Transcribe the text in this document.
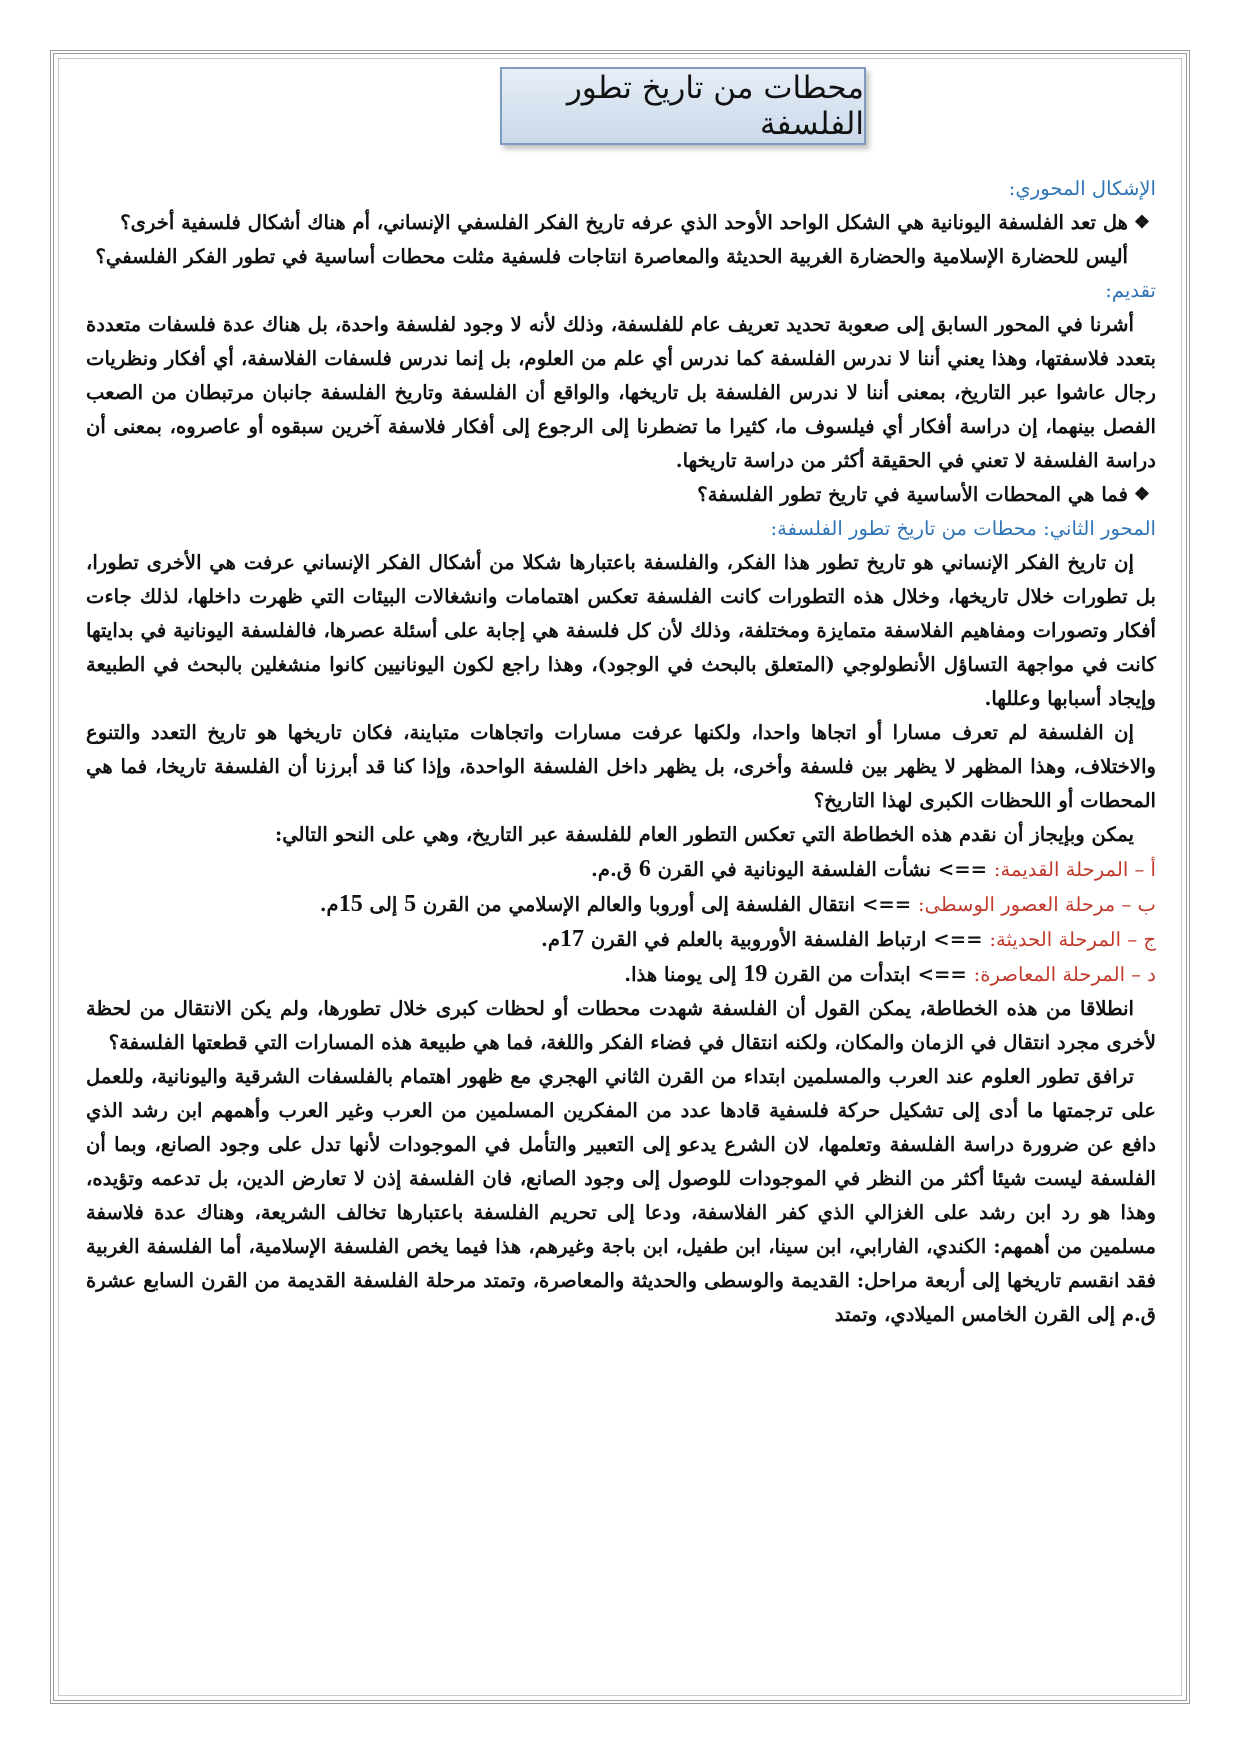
محطات من تاريخ تطور الفلسفة

الإشكال المحوري:

❖
هل تعد الفلسفة اليونانية هي الشكل الواحد الأوحد الذي عرفه تاريخ الفكر الفلسفي الإنساني، أم هناك أشكال فلسفية أخرى؟
أليس للحضارة الإسلامية والحضارة الغربية الحديثة والمعاصرة انتاجات فلسفية مثلت محطات أساسية في تطور الفكر الفلسفي؟

تقديم:

أشرنا في المحور السابق إلى صعوبة تحديد تعريف عام للفلسفة، وذلك لأنه لا وجود لفلسفة واحدة، بل هناك عدة فلسفات متعددة بتعدد فلاسفتها، وهذا يعني أننا لا ندرس الفلسفة كما ندرس أي علم من العلوم، بل إنما ندرس فلسفات الفلاسفة، أي أفكار ونظريات رجال عاشوا عبر التاريخ، بمعنى أننا لا ندرس الفلسفة بل تاريخها، والواقع أن الفلسفة وتاريخ الفلسفة جانبان مرتبطان من الصعب الفصل بينهما، إن دراسة أفكار أي فيلسوف ما، كثيرا ما تضطرنا إلى الرجوع إلى أفكار فلاسفة آخرين سبقوه أو عاصروه، بمعنى أن دراسة الفلسفة لا تعني في الحقيقة أكثر من دراسة تاريخها.

❖
فما هي المحطات الأساسية في تاريخ تطور الفلسفة؟

المحور الثاني: محطات من تاريخ تطور الفلسفة:

إن تاريخ الفكر الإنساني هو تاريخ تطور هذا الفكر، والفلسفة باعتبارها شكلا من أشكال الفكر الإنساني عرفت هي الأخرى تطورا، بل تطورات خلال تاريخها، وخلال هذه التطورات كانت الفلسفة تعكس اهتمامات وانشغالات البيئات التي ظهرت داخلها، لذلك جاءت أفكار وتصورات ومفاهيم الفلاسفة متمايزة ومختلفة، وذلك لأن كل فلسفة هي إجابة على أسئلة عصرها، فالفلسفة اليونانية في بدايتها كانت في مواجهة التساؤل الأنطولوجي (المتعلق بالبحث في الوجود)، وهذا راجع لكون اليونانيين كانوا منشغلين بالبحث في الطبيعة وإيجاد أسبابها وعللها.

إن الفلسفة لم تعرف مسارا أو اتجاها واحدا، ولكنها عرفت مسارات واتجاهات متباينة، فكان تاريخها هو تاريخ التعدد والتنوع والاختلاف، وهذا المظهر لا يظهر بين فلسفة وأخرى، بل يظهر داخل الفلسفة الواحدة، وإذا كنا قد أبرزنا أن الفلسفة تاريخا، فما هي المحطات أو اللحظات الكبرى لهذا التاريخ؟

يمكن وبإيجاز أن نقدم هذه الخطاطة التي تعكس التطور العام للفلسفة عبر التاريخ، وهي على النحو التالي:

أ – المرحلة القديمة: ==> نشأت الفلسفة اليونانية في القرن 6 ق.م.

ب – مرحلة العصور الوسطى: ==> انتقال الفلسفة إلى أوروبا والعالم الإسلامي من القرن 5 إلى 15م.

ج – المرحلة الحديثة: ==> ارتباط الفلسفة الأوروبية بالعلم في القرن 17م.

د – المرحلة المعاصرة: ==> ابتدأت من القرن 19 إلى يومنا هذا.

انطلاقا من هذه الخطاطة، يمكن القول أن الفلسفة شهدت محطات أو لحظات كبرى خلال تطورها، ولم يكن الانتقال من لحظة لأخرى مجرد انتقال في الزمان والمكان، ولكنه انتقال في فضاء الفكر واللغة، فما هي طبيعة هذه المسارات التي قطعتها الفلسفة؟

ترافق تطور العلوم عند العرب والمسلمين ابتداء من القرن الثاني الهجري مع ظهور اهتمام بالفلسفات الشرقية واليونانية، وللعمل على ترجمتها ما أدى إلى تشكيل حركة فلسفية قادها عدد من المفكرين المسلمين من العرب وغير العرب وأهمهم ابن رشد الذي دافع عن ضرورة دراسة الفلسفة وتعلمها، لان الشرع يدعو إلى التعبير والتأمل في الموجودات لأنها تدل على وجود الصانع، وبما أن الفلسفة ليست شيئا أكثر من النظر في الموجودات للوصول إلى وجود الصانع، فان الفلسفة إذن لا تعارض الدين، بل تدعمه وتؤيده، وهذا هو رد ابن رشد على الغزالي الذي كفر الفلاسفة، ودعا إلى تحريم الفلسفة باعتبارها تخالف الشريعة، وهناك عدة فلاسفة مسلمين من أهمهم: الكندي، الفارابي، ابن سينا، ابن طفيل، ابن باجة وغيرهم، هذا فيما يخص الفلسفة الإسلامية، أما الفلسفة الغربية فقد انقسم تاريخها إلى أربعة مراحل: القديمة والوسطى والحديثة والمعاصرة، وتمتد مرحلة الفلسفة القديمة من القرن السابع عشرة ق.م إلى القرن الخامس الميلادي، وتمتد
